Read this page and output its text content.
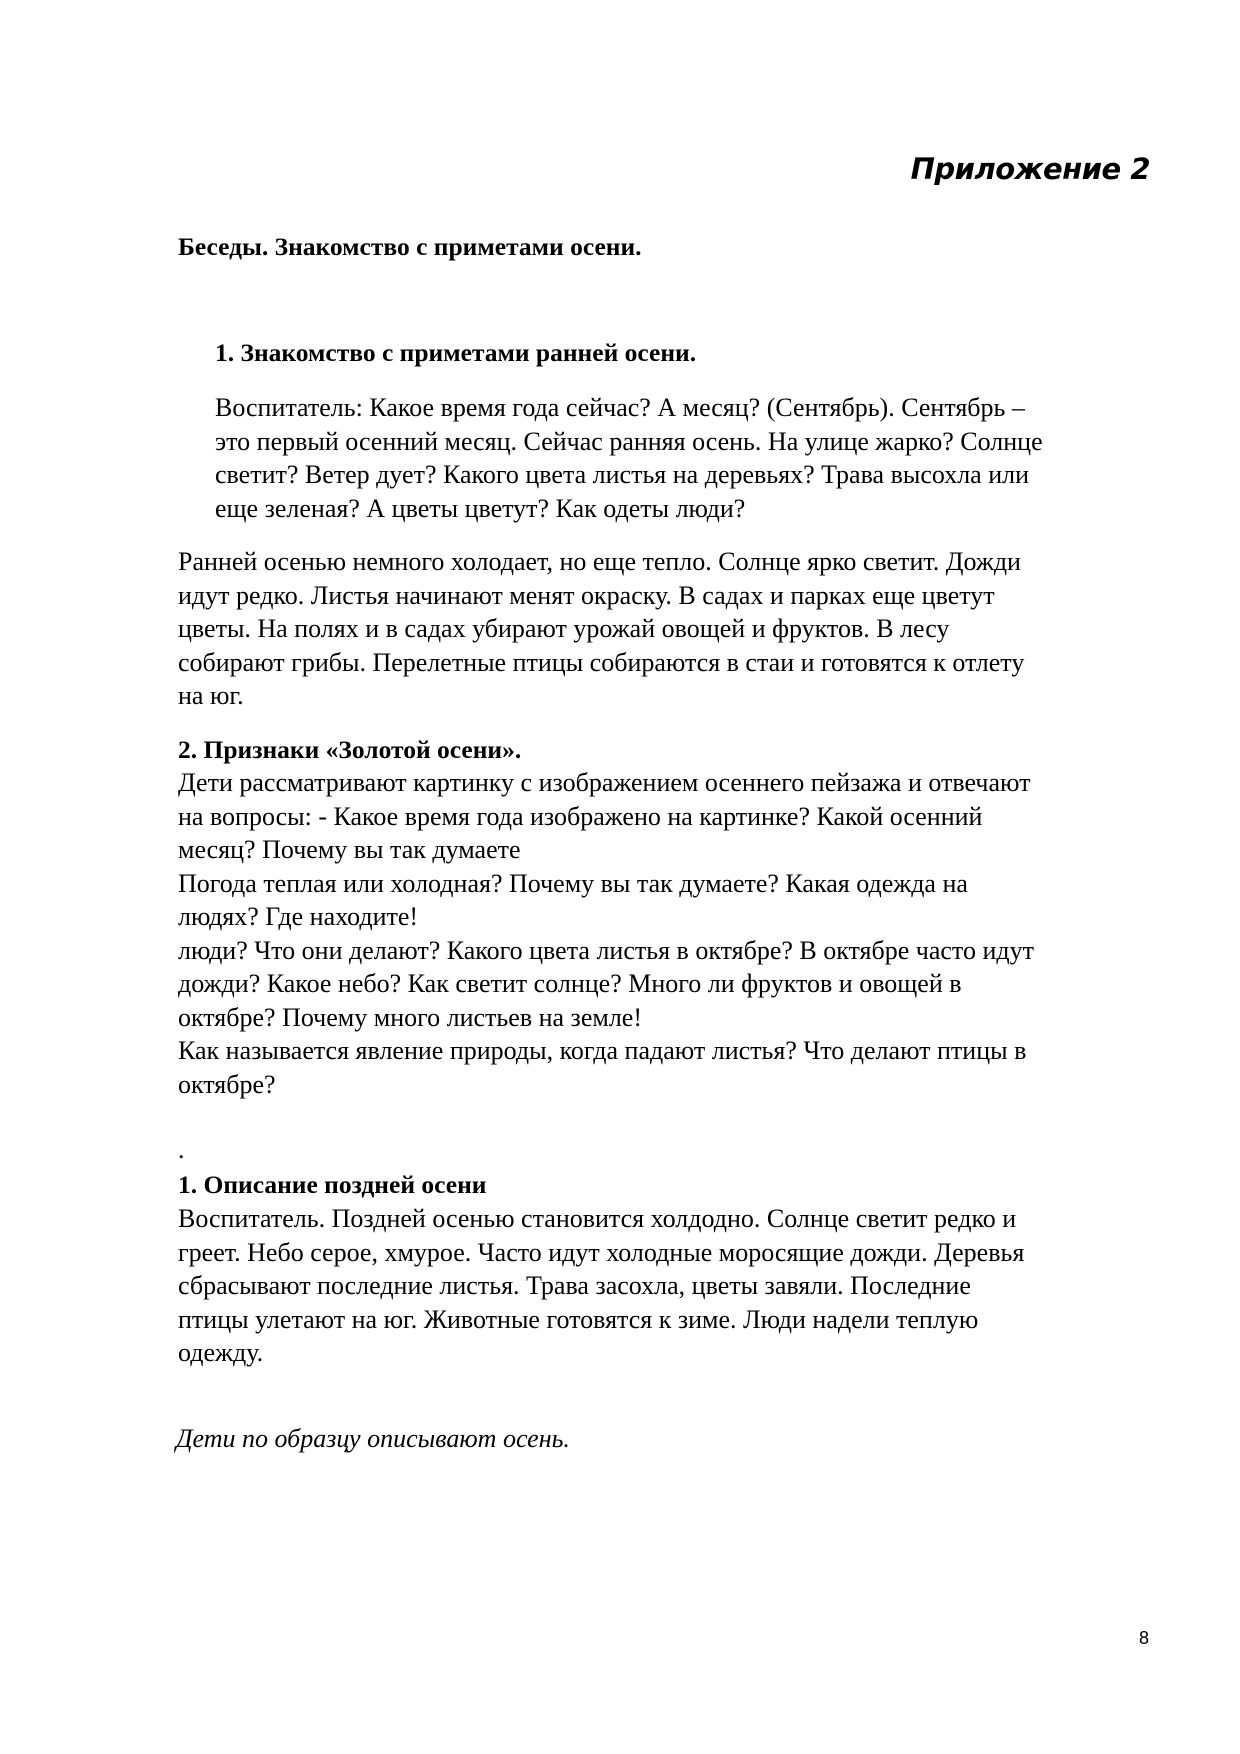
Приложение 2
Беседы. Знакомство с приметами осени.
1. Знакомство с приметами ранней осени.
Воспитатель: Какое время года сейчас? А месяц? (Сентябрь). Сентябрь –
это первый осенний месяц. Сейчас ранняя осень. На улице жарко? Солнце
светит? Ветер дует? Какого цвета листья на деревьях? Трава высохла или
еще зеленая? А цветы цветут? Как одеты люди?
Ранней осенью немного холодает, но еще тепло. Солнце ярко светит. Дожди
идут редко. Листья начинают менят окраску. В садах и парках еще цветут
цветы. На полях и в садах убирают урожай овощей и фруктов. В лесу
собирают грибы. Перелетные птицы собираются в стаи и готовятся к отлету
на юг.
2. Признаки «Золотой осени».
Дети рассматривают картинку с изображением осеннего пейзажа и отвечают
на вопросы: - Какое время года изображено на картинке? Какой осенний
месяц? Почему вы так думаете
Погода теплая или холодная? Почему вы так думаете? Какая одежда на
людях? Где находите!
люди? Что они делают? Какого цвета листья в октябре? В октябре часто идут
дожди? Какое небо? Как светит солнце? Много ли фруктов и овощей в
октябре? Почему много листьев на земле!
Как называется явление природы, когда падают листья? Что делают птицы в
октябре?
.
1. Описание поздней осени
Воспитатель. Поздней осенью становится холдодно. Солнце светит редко и
греет. Небо серое, хмурое. Часто идут холодные моросящие дожди. Деревья
сбрасывают последние листья. Трава засохла, цветы завяли. Последние
птицы улетают на юг. Животные готовятся к зиме. Люди надели теплую
одежду.
Дети по образцу описывают осень.
8
